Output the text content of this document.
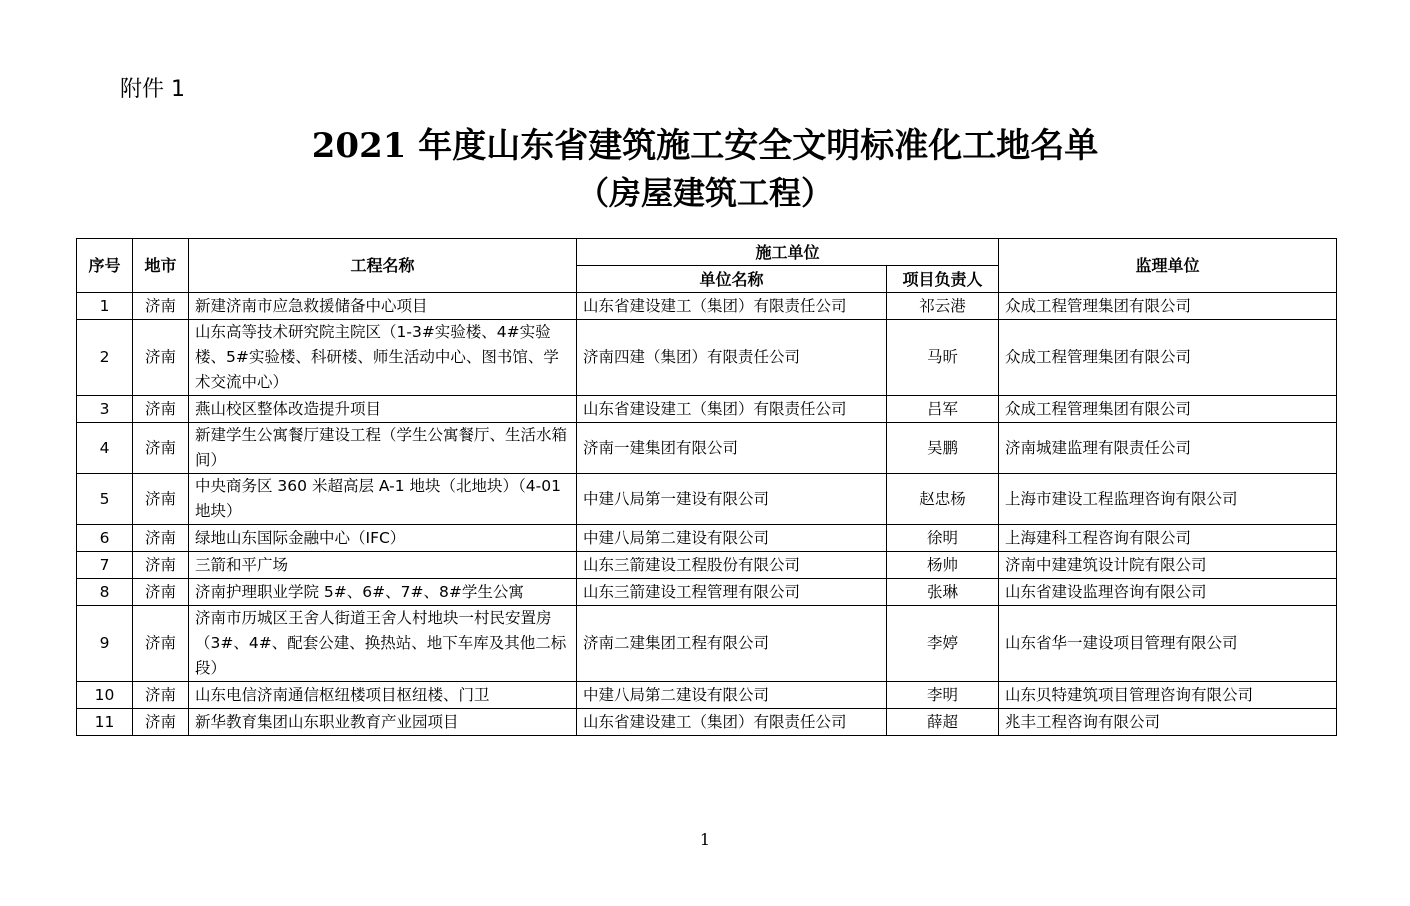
附件 1
2021 年度山东省建筑施工安全文明标准化工地名单
（房屋建筑工程）
序号	地市	工程名称	施工单位		监理单位
			单位名称	项目负责人	
1	济南	新建济南市应急救援储备中心项目	山东省建设建工（集团）有限责任公司	祁云港	众成工程管理集团有限公司
2	济南	山东高等技术研究院主院区（1-3#实验楼、4#实验楼、5#实验楼、科研楼、师生活动中心、图书馆、学术交流中心）	济南四建（集团）有限责任公司	马昕	众成工程管理集团有限公司
3	济南	燕山校区整体改造提升项目	山东省建设建工（集团）有限责任公司	吕军	众成工程管理集团有限公司
4	济南	新建学生公寓餐厅建设工程（学生公寓餐厅、生活水箱间）	济南一建集团有限公司	吴鹏	济南城建监理有限责任公司
5	济南	中央商务区 360 米超高层 A-1 地块（北地块）（4-01 地块）	中建八局第一建设有限公司	赵忠杨	上海市建设工程监理咨询有限公司
6	济南	绿地山东国际金融中心（IFC）	中建八局第二建设有限公司	徐明	上海建科工程咨询有限公司
7	济南	三箭和平广场	山东三箭建设工程股份有限公司	杨帅	济南中建建筑设计院有限公司
8	济南	济南护理职业学院 5#、6#、7#、8#学生公寓	山东三箭建设工程管理有限公司	张琳	山东省建设监理咨询有限公司
9	济南	济南市历城区王舍人街道王舍人村地块一村民安置房（3#、4#、配套公建、换热站、地下车库及其他二标段）	济南二建集团工程有限公司	李婷	山东省华一建设项目管理有限公司
10	济南	山东电信济南通信枢纽楼项目枢纽楼、门卫	中建八局第二建设有限公司	李明	山东贝特建筑项目管理咨询有限公司
11	济南	新华教育集团山东职业教育产业园项目	山东省建设建工（集团）有限责任公司	薛超	兆丰工程咨询有限公司
1
